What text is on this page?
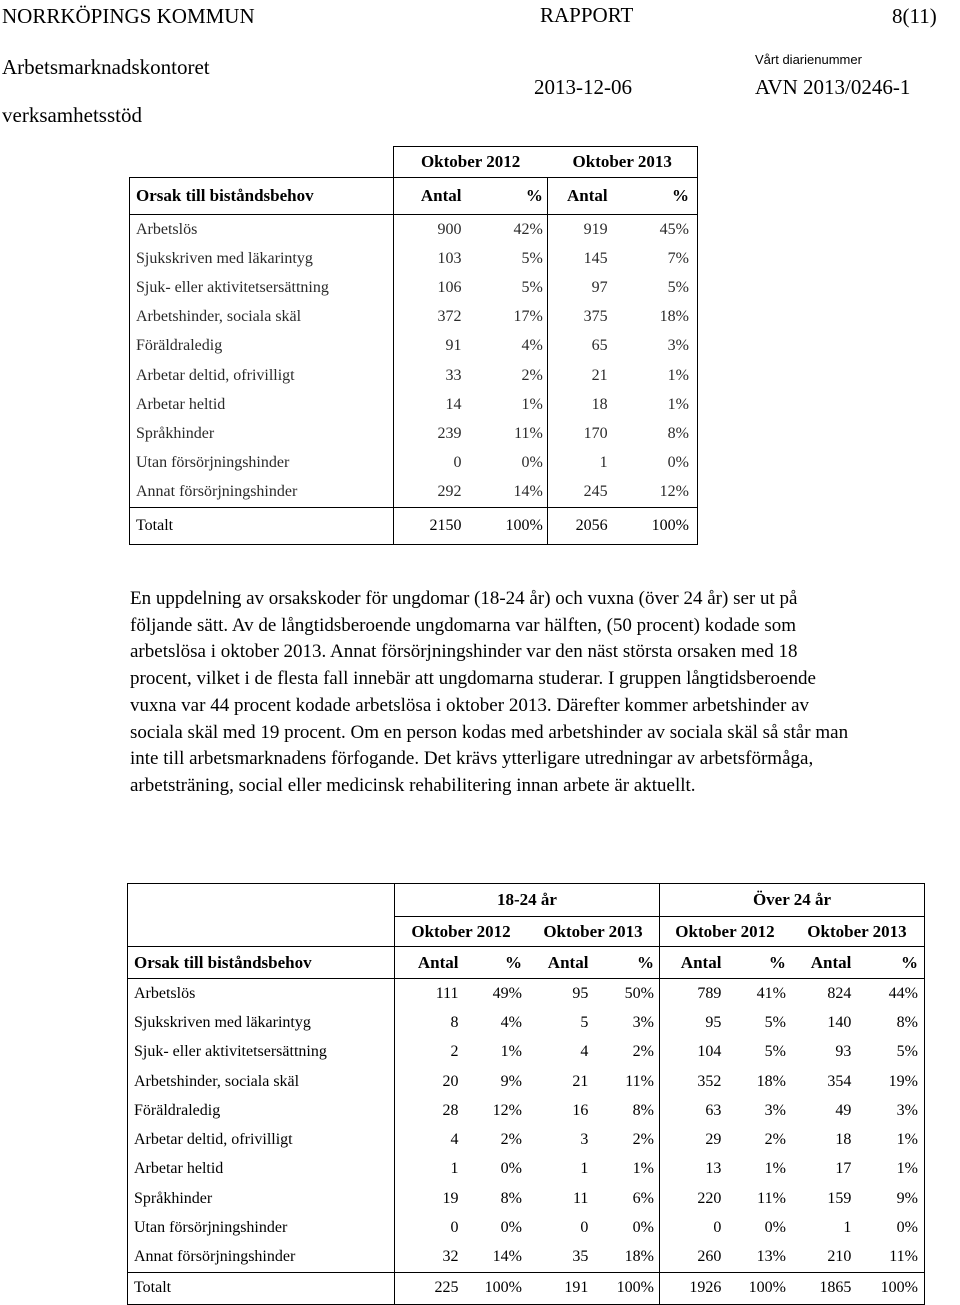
NORRKÖPINGS KOMMUN	RAPPORT	8(11)
Arbetsmarknadskontoret
verksamhetsstöd
2013-12-06
Vårt diarienummer
AVN 2013/0246-1
	Oktober 2012		Oktober 2013	
Orsak till biståndsbehov	Antal	%	Antal	%
Arbetslös	900	42%	919	45%
Sjukskriven med läkarintyg	103	5%	145	7%
Sjuk- eller aktivitetsersättning	106	5%	97	5%
Arbetshinder, sociala skäl	372	17%	375	18%
Föräldraledig	91	4%	65	3%
Arbetar deltid, ofrivilligt	33	2%	21	1%
Arbetar heltid	14	1%	18	1%
Språkhinder	239	11%	170	8%
Utan försörjningshinder	0	0%	1	0%
Annat försörjningshinder	292	14%	245	12%
Totalt	2150	100%	2056	100%

En uppdelning av orsakskoder för ungdomar (18-24 år) och vuxna (över 24 år) ser ut på följande sätt. Av de långtidsberoende ungdomarna var hälften, (50 procent) kodade som arbetslösa i oktober 2013. Annat försörjningshinder var den näst största orsaken med 18 procent, vilket i de flesta fall innebär att ungdomarna studerar. I gruppen långtidsberoende vuxna var 44 procent kodade arbetslösa i oktober 2013. Därefter kommer arbetshinder av sociala skäl med 19 procent. Om en person kodas med arbetshinder av sociala skäl så står man inte till arbetsmarknadens förfogande. Det krävs ytterligare utredningar av arbetsförmåga, arbetsträning, social eller medicinsk rehabilitering innan arbete är aktuellt.

	18-24 år				Över 24 år			
	Oktober 2012		Oktober 2013		Oktober 2012		Oktober 2013	
Orsak till biståndsbehov	Antal	%	Antal	%	Antal	%	Antal	%
Arbetslös	111	49%	95	50%	789	41%	824	44%
Sjukskriven med läkarintyg	8	4%	5	3%	95	5%	140	8%
Sjuk- eller aktivitetsersättning	2	1%	4	2%	104	5%	93	5%
Arbetshinder, sociala skäl	20	9%	21	11%	352	18%	354	19%
Föräldraledig	28	12%	16	8%	63	3%	49	3%
Arbetar deltid, ofrivilligt	4	2%	3	2%	29	2%	18	1%
Arbetar heltid	1	0%	1	1%	13	1%	17	1%
Språkhinder	19	8%	11	6%	220	11%	159	9%
Utan försörjningshinder	0	0%	0	0%	0	0%	1	0%
Annat försörjningshinder	32	14%	35	18%	260	13%	210	11%
Totalt	225	100%	191	100%	1926	100%	1865	100%
